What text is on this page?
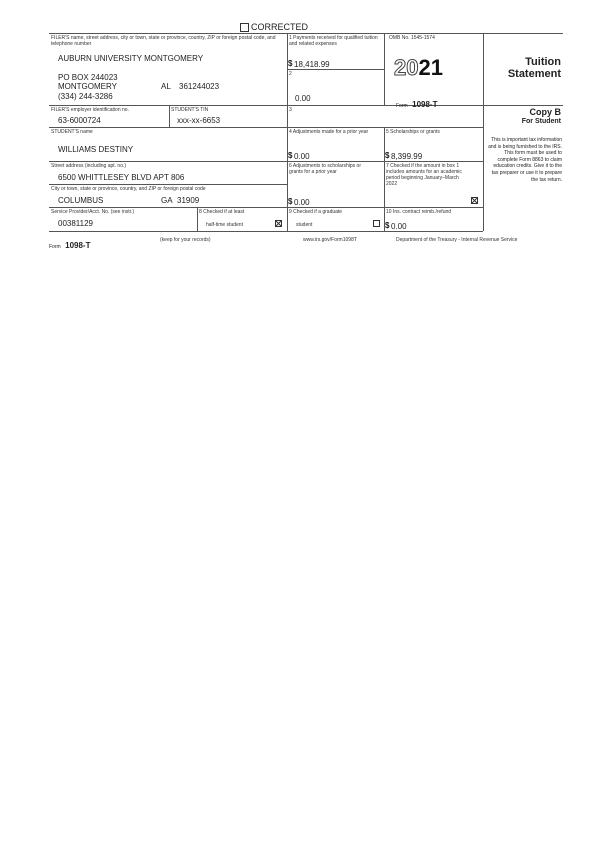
CORRECTED
FILER'S name, street address, city or town, state or province, country, ZIP or foreign postal code, and telephone number
AUBURN UNIVERSITY MONTGOMERY
PO BOX 244023
MONTGOMERY	AL 361244023
(334) 244-3286
FILER'S employer identification no.
63-6000724
STUDENT'S TIN
xxx-xx-6653
STUDENT'S name
WILLIAMS DESTINY
Street address (including apt. no.)
6500 WHITTLESEY BLVD APT 806
City or town, state or province, country, and ZIP or foreign postal code
COLUMBUS	GA 31909
Service Provider/Acct. No. (see instr.)
00381129
8 Checked if at least
half-time student
1 Payments received for qualified tuition and related expenses
$ 18,418.99
2
0.00
3
4 Adjustments made for a prior year
$ 0.00
5 Scholarships or grants
$ 8,399.99
6 Adjustments to scholarships or grants for a prior year
$ 0.00
7 Checked if the amount in box 1 includes amounts for an academic period beginning January–March 2022
9 Checked if a graduate
student
10 Ins. contract reimb./refund
$ 0.00
OMB No. 1545-1574
2021
Form 1098-T
Tuition
Statement
Copy B
For Student
This is important tax information and is being furnished to the IRS. This form must be used to complete Form 8863 to claim education credits. Give it to the tax preparer or use it to prepare the tax return.
Form 1098-T
(keep for your records)	www.irs.gov/Form1098T	Department of the Treasury - Internal Revenue Service
